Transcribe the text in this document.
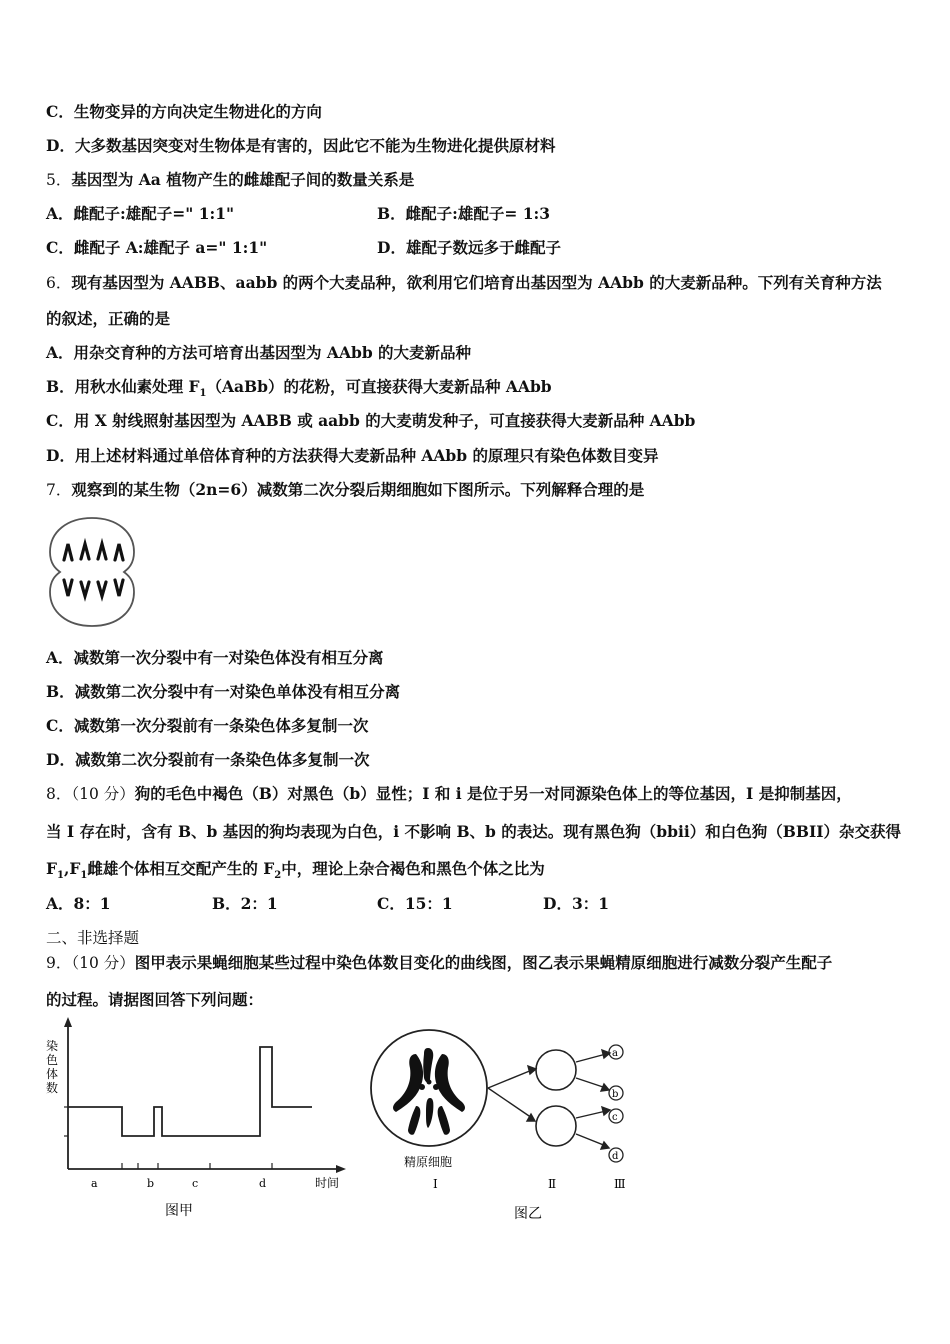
C．生物变异的方向决定生物进化的方向
D．大多数基因突变对生物体是有害的，因此它不能为生物进化提供原材料
5．基因型为 Aa 植物产生的雌雄配子间的数量关系是
A．雌配子:雄配子=" 1:1"	B．雌配子:雄配子= 1:3
C．雌配子 A:雄配子 a=" 1:1"	D．雄配子数远多于雌配子
6．现有基因型为 AABB、aabb 的两个大麦品种，欲利用它们培育出基因型为 AAbb 的大麦新品种。下列有关育种方法
的叙述，正确的是
A．用杂交育种的方法可培育出基因型为 AAbb 的大麦新品种
B．用秋水仙素处理 $F_1(AaBb)$的花粉，可直接获得大麦新品种 AAbb
C．用 X 射线照射基因型为 AABB 或 aabb 的大麦萌发种子，可直接获得大麦新品种 AAbb
D．用上述材料通过单倍体育种的方法获得大麦新品种 AAbb 的原理只有染色体数目变异
7．观察到的某生物（2n=6）减数第二次分裂后期细胞如下图所示。下列解释合理的是
A．减数第一次分裂中有一对染色体没有相互分离
B．减数第二次分裂中有一对染色单体没有相互分离
C．减数第一次分裂前有一条染色体多复制一次
D．减数第二次分裂前有一条染色体多复制一次
8．（10 分）狗的毛色中褐色（B）对黑色（b）显性；I 和 i 是位于另一对同源染色体上的等位基因，I 是抑制基因，
当 I 存在时，含有 B、b 基因的狗均表现为白色，i 不影响 B、b 的表达。现有黑色狗（bbii）和白色狗（BBII）杂交获得
$F_1,F_1$雌雄个体相互交配产生的 $F_2$中，理论上杂合褐色和黑色个体之比为
A．8：1	B．2：1	C．15：1	D．3：1
二、非选择题
9．（10 分）图甲表示果蝇细胞某些过程中染色体数目变化的曲线图，图乙表示果蝇精原细胞进行减数分裂产生配子
的过程。请据图回答下列问题：
染
色
体
数
a	b	c	d	时间
图甲
a
b
c
d
精原细胞
Ⅰ	Ⅱ	Ⅲ
图乙
